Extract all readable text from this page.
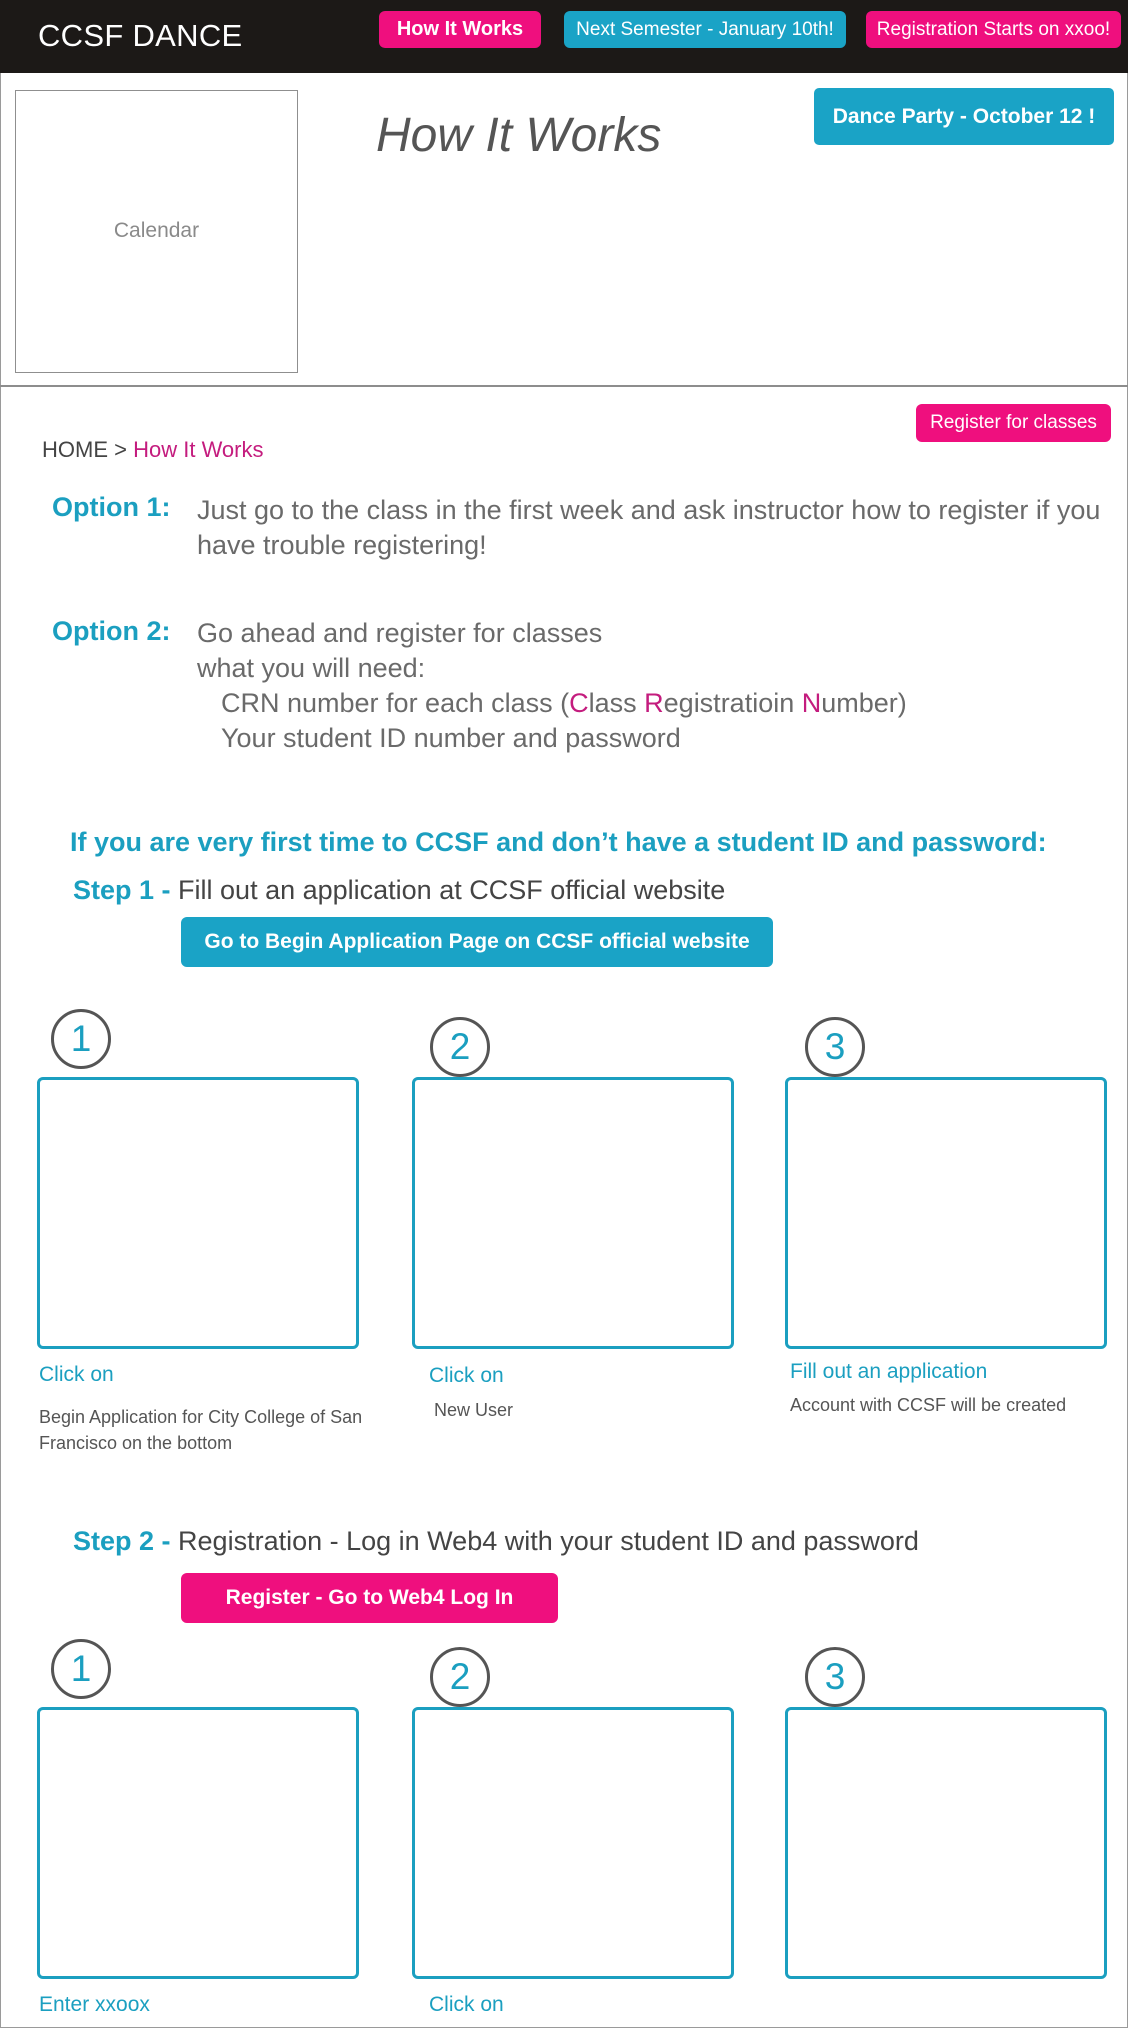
CCSF DANCE	How It Works	Next Semester - January 10th!	Registration Starts on xxoo!
Calendar
How It Works	Dance Party - October 12 !
Register for classes
HOME > How It Works
Option 1: Just go to the class in the first week and ask instructor how to register if you
have trouble registering!
Option 2: Go ahead and register for classes
what you will need:
CRN number for each class (Class Registratioin Number)
Your student ID number and password
If you are very first time to CCSF and don’t have a student ID and password:
Step 1 - Fill out an application at CCSF official website
Go to Begin Application Page on CCSF official website
1	2	3
Click on
Begin Application for City College of San Francisco on the bottom
Click on
New User
Fill out an application
Account with CCSF will be created
Step 2 - Registration - Log in Web4 with your student ID and password
Register - Go to Web4 Log In
1	2	3
Enter xxoox	Click on
